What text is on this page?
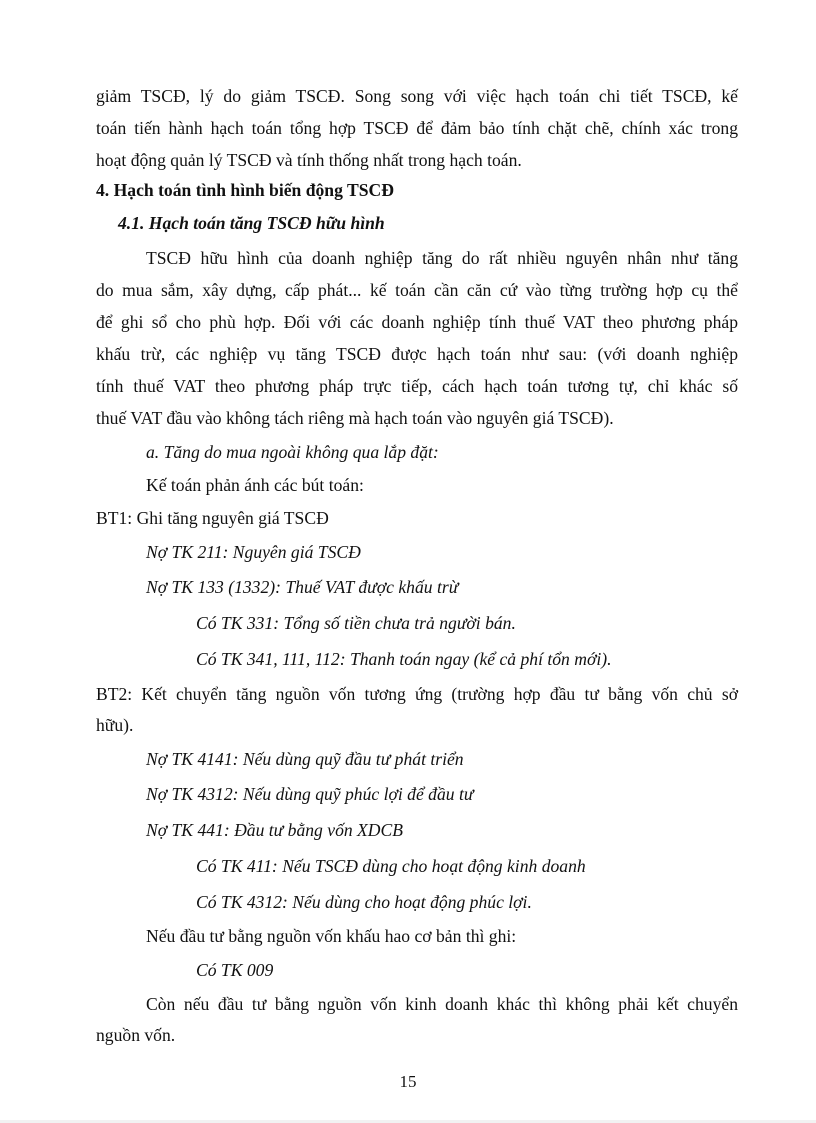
giảm TSCĐ, lý do giảm TSCĐ. Song song với việc hạch toán chi tiết TSCĐ, kế
toán tiến hành hạch toán tổng hợp TSCĐ để đảm bảo tính chặt chẽ, chính xác trong
hoạt động quản lý TSCĐ và tính thống nhất trong hạch toán.
4. Hạch toán tình hình biến động TSCĐ
4.1. Hạch toán tăng TSCĐ hữu hình
TSCĐ hữu hình của doanh nghiệp tăng do rất nhiều nguyên nhân như tăng
do mua sắm, xây dựng, cấp phát... kế toán cần căn cứ vào từng trường hợp cụ thể
để ghi sổ cho phù hợp. Đối với các doanh nghiệp tính thuế VAT theo phương pháp
khấu trừ, các nghiệp vụ tăng TSCĐ được hạch toán như sau: (với doanh nghiệp
tính thuế VAT theo phương pháp trực tiếp, cách hạch toán tương tự, chỉ khác số
thuế VAT đầu vào không tách riêng mà hạch toán vào nguyên giá TSCĐ).
a. Tăng do mua ngoài không qua lắp đặt:
Kế toán phản ánh các bút toán:
BT1: Ghi tăng nguyên giá TSCĐ
Nợ TK 211: Nguyên giá TSCĐ
Nợ TK 133 (1332): Thuế VAT được khấu trừ
Có TK 331: Tổng số tiền chưa trả người bán.
Có TK 341, 111, 112: Thanh toán ngay (kể cả phí tổn mới).
BT2: Kết chuyển tăng nguồn vốn tương ứng (trường hợp đầu tư bằng vốn chủ sở
hữu).
Nợ TK 4141: Nếu dùng quỹ đầu tư phát triển
Nợ TK 4312: Nếu dùng quỹ phúc lợi để đầu tư
Nợ TK 441: Đầu tư bằng vốn XDCB
Có TK 411: Nếu TSCĐ dùng cho hoạt động kinh doanh
Có TK 4312: Nếu dùng cho hoạt động phúc lợi.
Nếu đầu tư bằng nguồn vốn khấu hao cơ bản thì ghi:
Có TK 009
Còn nếu đầu tư bằng nguồn vốn kinh doanh khác thì không phải kết chuyển
nguồn vốn.
15
